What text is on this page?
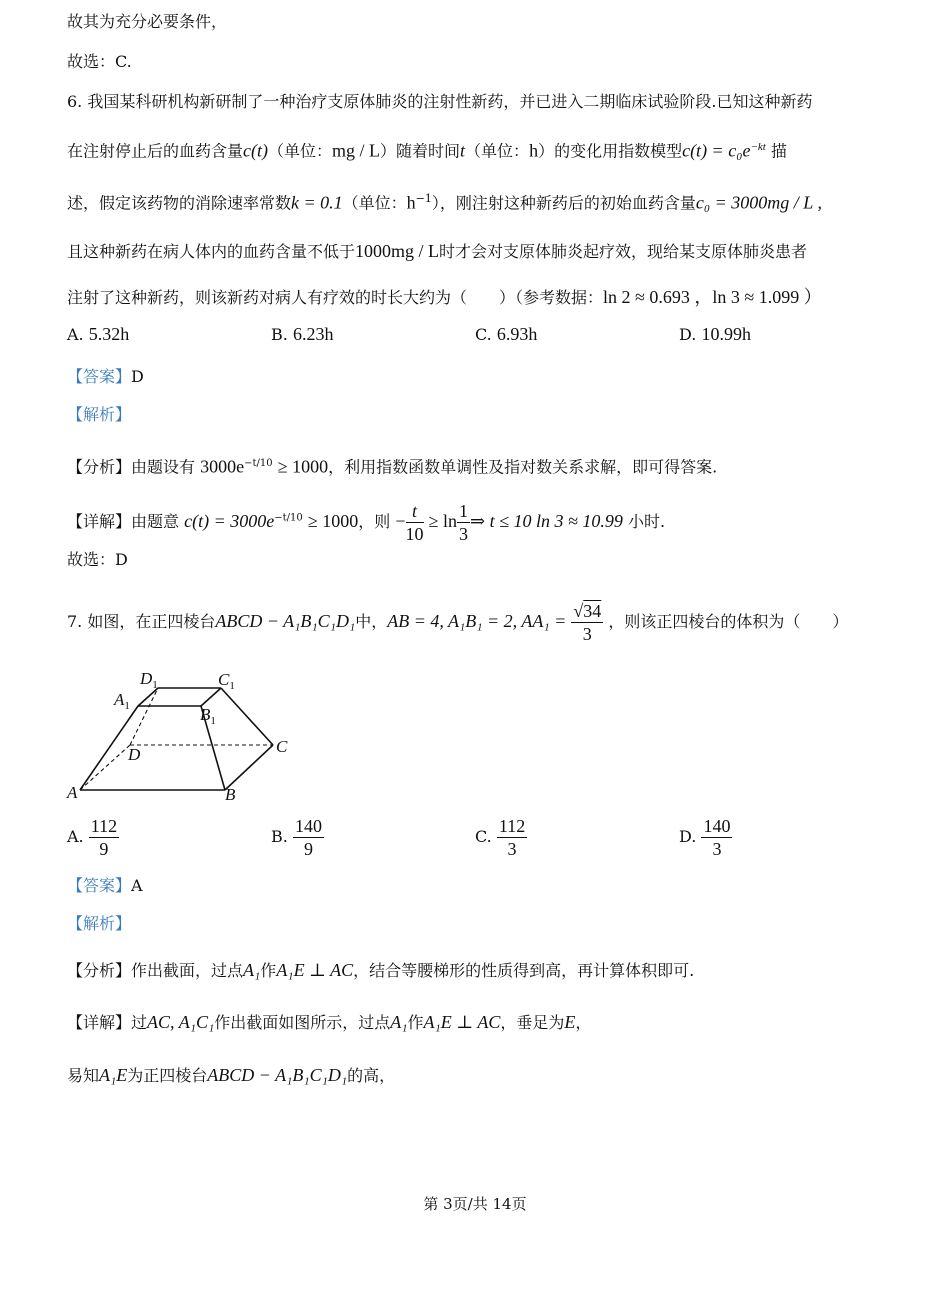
故其为充分必要条件，
故选：C.
6. 我国某科研机构新研制了一种治疗支原体肺炎的注射性新药，并已进入二期临床试验阶段.已知这种新药
在注射停止后的血药含量c(t)（单位：mg / L）随着时间t（单位：h）的变化用指数模型$c(t) = c_0e^{-kt}$ 描
述，假定该药物的消除速率常数k = 0.1（单位：$h^{-1}$），刚注射这种新药后的初始血药含量c₀ = 3000mg / L ,
且这种新药在病人体内的血药含量不低于1000mg / L时才会对支原体肺炎起疗效，现给某支原体肺炎患者
注射了这种新药，则该新药对病人有疗效的时长大约为（　　）（参考数据：ln 2 ≈ 0.693 ，ln 3 ≈ 1.099 ）
A. 5.32h	B. 6.23h	C. 6.93h	D. 10.99h
【答案】D
【解析】
【分析】由题设有 $3000e^{-t/10} \ge 1000$，利用指数函数单调性及指对数关系求解，即可得答案.
【详解】由题意 $c(t) = 3000e^{-t/10} \ge 1000$，则 − $\frac{t}{10} \ge \ln \frac{1}{3}$ ⇒ t ≤ 10 ln 3 ≈ 10.99 小时.
故选：D
7. 如图，在正四棱台ABCD − A₁B₁C₁D₁中，AB = 4, A₁B₁ = 2, $AA_1 = \frac{√34}{3}$ ，则该正四棱台的体积为（　　）
$D_1$	$C_1$
$A_1$	$B_1$
D	C
A	B
A. $\frac{112}{9}$	B. $\frac{140}{9}$	C. $\frac{112}{3}$	D. $\frac{140}{3}$
【答案】A
【解析】
【分析】作出截面，过点A₁作A₁E ⊥ AC，结合等腰梯形的性质得到高，再计算体积即可.
【详解】过AC, A₁C₁作出截面如图所示，过点A₁作A₁E ⊥ AC，垂足为E，
易知A₁E为正四棱台ABCD − A₁B₁C₁D₁的高，
第 3页/共 14页
